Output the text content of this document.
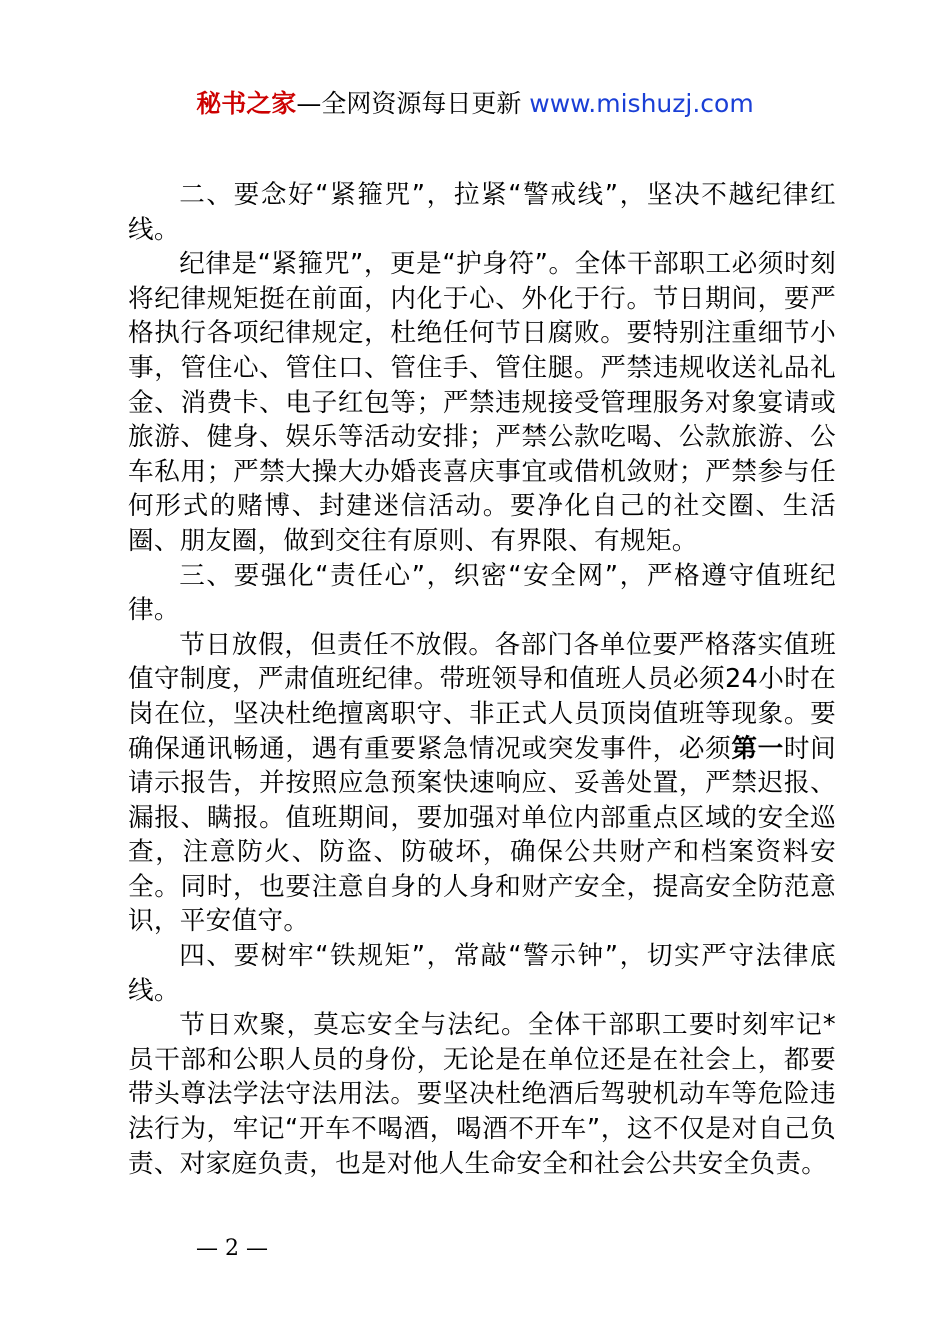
秘书之家—全网资源每日更新 www.mishuzj.com

二、要念好“紧箍咒”，拉紧“警戒线”，坚决不越纪律红线。

纪律是“紧箍咒”，更是“护身符”。全体干部职工必须时刻将纪律规矩挺在前面，内化于心、外化于行。节日期间，要严格执行各项纪律规定，杜绝任何节日腐败。要特别注重细节小事，管住心、管住口、管住手、管住腿。严禁违规收送礼品礼金、消费卡、电子红包等；严禁违规接受管理服务对象宴请或旅游、健身、娱乐等活动安排；严禁公款吃喝、公款旅游、公车私用；严禁大操大办婚丧喜庆事宜或借机敛财；严禁参与任何形式的赌博、封建迷信活动。要净化自己的社交圈、生活圈、朋友圈，做到交往有原则、有界限、有规矩。

三、要强化“责任心”，织密“安全网”，严格遵守值班纪律。

节日放假，但责任不放假。各部门各单位要严格落实值班值守制度，严肃值班纪律。带班领导和值班人员必须24小时在岗在位，坚决杜绝擅离职守、非正式人员顶岗值班等现象。要确保通讯畅通，遇有重要紧急情况或突发事件，必须第一时间请示报告，并按照应急预案快速响应、妥善处置，严禁迟报、漏报、瞒报。值班期间，要加强对单位内部重点区域的安全巡查，注意防火、防盗、防破坏，确保公共财产和档案资料安全。同时，也要注意自身的人身和财产安全，提高安全防范意识，平安值守。

四、要树牢“铁规矩”，常敲“警示钟”，切实严守法律底线。

节日欢聚，莫忘安全与法纪。全体干部职工要时刻牢记*员干部和公职人员的身份，无论是在单位还是在社会上，都要带头尊法学法守法用法。要坚决杜绝酒后驾驶机动车等危险违法行为，牢记“开车不喝酒，喝酒不开车”，这不仅是对自己负责、对家庭负责，也是对他人生命安全和社会公共安全负责。

— 2 —
